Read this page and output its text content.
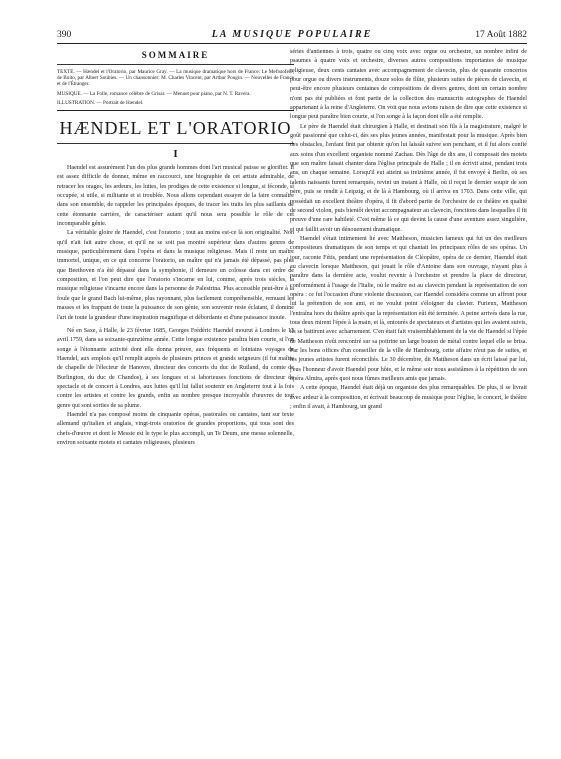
390	LA MUSIQUE POPULAIRE	17 Août 1882
SOMMAIRE

TEXTE. — Hændel et l'Oratorio, par Maurice Gray. — La musique dramatique hors de France: Le Mefistofele, de Boito, par Albert Soubies. — Un chansonnier: M. Charles Vincent, par Arthur Pougin. — Nouvelles de France et de l'Étranger.

MUSIQUE. — La Folle, romance célèbre de Grisar. — Menuet pour piano, par N. T. Ravera.

ILLUSTRATION. — Portrait de Hændel.

HÆNDEL ET L'ORATORIO
I

Haendel est assurément l'un des plus grands hommes dont l'art musical puisse se glorifier. Il est assez difficile de donner, même en raccourci, une biographie de cet artiste admirable, de retracer les orages, les ardeurs, les luttes, les prodiges de cette existence si longue, si féconde, si occupée, si utile, si militante et si troublée. Nous allons cependant essayer de la faire connaître dans son ensemble, de rappeler les principales époques, de tracer les traits les plus saillants de cette étonnante carrière, de caractériser autant qu'il nous sera possible le rôle de cet incomparable génie.

La véritable gloire de Haendel, c'est l'oratorio ; tout au moins est-ce là son originalité. Non qu'il n'ait fait autre chose, et qu'il ne se soit pas montré supérieur dans d'autres genres de musique, particulièrement dans l'opéra et dans la musique religieuse. Mais il reste un maître immortel, unique, en ce qui concerne l'oratorio, un maître qui n'a jamais été dépassé, pas plus que Beethoven n'a été dépassé dans la symphonie, il demeure un colosse dans cet ordre de composition, et l'on peut dire que l'oratorio s'incarne en lui, comme, après trois siècles, la musique religieuse s'incarne encore dans la personne de Palestrina. Plus accessible peut-être à la foule que le grand Bach lui-même, plus rayonnant, plus facilement compréhensible, remuant les masses et les frappant de toute la puissance de son génie, son souvenir reste éclatant, il domine l'art de toute la grandeur d'une inspiration magnifique et débordante et d'une puissance inouïe.

Né en Saxe, à Halle, le 23 février 1685, Georges Frédéric Haendel mourut à Londres le 13 avril 1759, dans sa soixante-quinzième année. Cette longue existence paraîtra bien courte, si l'on songe à l'étonnante activité dont elle donna preuve, aux fréquents et lointains voyages de Haendel, aux emplois qu'il remplit auprès de plusieurs princes et grands seigneurs (il fut maître de chapelle de l'électeur de Hanovre, directeur des concerts du duc de Rutland, du comte de Burlington, du duc de Chandos), à ses longues et si laborieuses fonctions de directeur de spectacle et de concert à Londres, aux luttes qu'il lui fallut soutenir en Angleterre tout à la fois contre les artistes et contre les grands, enfin au nombre presque incroyable d'œuvres de tout genre qui sont sorties de sa plume.

Haendel n'a pas composé moins de cinquante opéras, pastorales ou cantates, tant sur texte allemand qu'italien et anglais, vingt-trois oratorios de grandes proportions, qui tous sont des chefs-d'œuvre et dont le Messie est le type le plus accompli, un Te Deum, une messe solennelle, environ soixante motets et cantates religieuses, plusieurs

séries d'antiennes à trois, quatre ou cinq voix avec orgue ou orchestre, un nombre infini de psaumes à quatre voix et orchestre, diverses autres compositions importantes de musique religieuse, deux cents cantates avec accompagnement de clavecin, plus de quarante concertos pour orgue ou divers instruments, douze solos de flûte, plusieurs suites de pièces de clavecin, et peut-être encore plusieurs centaines de compositions de divers genres, dont un certain nombre n'ont pas été publiées et font partie de la collection des manuscrits autographes de Haendel appartenant à la reine d'Angleterre. On voit que nous avions raison de dire que cette existence si longue peut paraître bien courte, si l'on songe à la façon dont elle a été remplie.

Le père de Haendel était chirurgien à Halle, et destinait son fils à la magistrature, malgré le goût passionné que celui-ci, dès ses plus jeunes années, manifestait pour la musique. Après bien des obstacles, l'enfant finit par obtenir qu'on lui laissât suivre son penchant, et il fut alors confié aux soins d'un excellent organiste nommé Zachau. Dès l'âge de dix ans, il composait des motets que son maître faisait chanter dans l'église principale de Halle ; il en écrivit ainsi, pendant trois ans, un chaque semaine. Lorsqu'il eut atteint sa treizième année, il fut envoyé à Berlin, où ses talents naissants furent remarqués, revint un instant à Halle, où il reçut le dernier soupir de son père, puis se rendit à Leipzig, et de là à Hambourg, où il arriva en 1703. Dans cette ville, qui possédait un excellent théâtre d'opéra, il fit d'abord partie de l'orchestre de ce théâtre en qualité de second violon, puis bientôt devint accompagnateur au clavecin, fonctions dans lesquelles il fit preuve d'une rare habileté. C'est même là ce qui devint la cause d'une aventure assez singulière, et qui faillit avoir un dénouement dramatique.

Haendel s'était intimement lié avec Mattheson, musicien fameux qui fut un des meilleurs compositeurs dramatiques de son temps et qui chantait les principaux rôles de ses opéras. Un jour, raconte Fétis, pendant une représentation de Cléopâtre, opéra de ce dernier, Haendel était au clavecin lorsque Mattheson, qui jouait le rôle d'Antoine dans son ouvrage, n'ayant plus à paraître dans la dernière acte, voulut revenir à l'orchestre et prendre la place de directeur, conformément à l'usage de l'Italie, où le maître est au clavecin pendant la représentation de son opéra : ce fut l'occasion d'une violente discussion, car Haendel considéra comme un affront pour lui la prétention de son ami, et ne voulut point s'éloigner du clavier. Furieux, Mattheson l'entraîna hors du théâtre après que la représentation eût été terminée. A peine arrivés dans la rue, tous deux mirent l'épée à la main, et là, entourés de spectateurs et d'artistes qui les avaient suivis, ils se battirent avec acharnement. C'en était fait vraisemblablement de la vie de Haendel si l'épée de Mattheson n'eût rencontré sur sa poitrine un large bouton de métal contre lequel elle se brisa. Par les bons offices d'un conseiller de la ville de Hambourg, cette affaire n'eut pas de suites, et les jeunes artistes furent réconciliés. Le 30 décembre, dit Mattheson dans un écrit laissé par lui, j'eus l'honneur d'avoir Haendel pour hôte, et le même soir nous assistâmes à la répétition de son opéra Almira, après quoi nous fûmes meilleurs amis que jamais.

A cette époque, Haendel était déjà un organiste des plus remarquables. De plus, il se livrait avec ardeur à la composition, et écrivait beaucoup de musique pour l'église, le concert, le théâtre ; enfin il avait, à Hambourg, un grand
